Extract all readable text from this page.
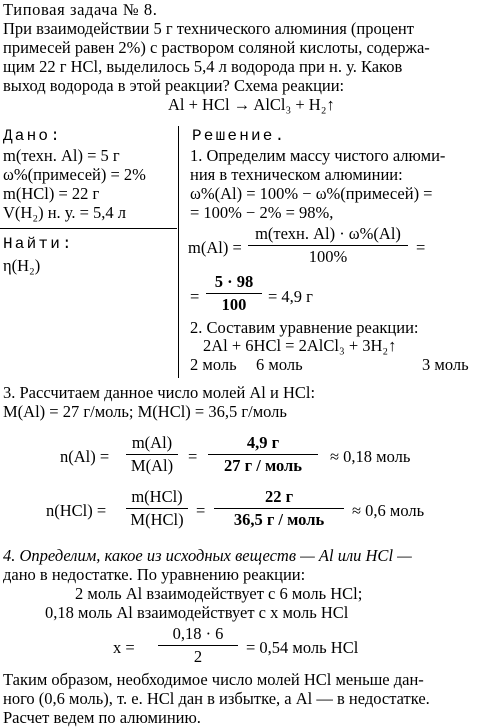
Типовая задача № 8.
При взаимодействии 5 г технического алюминия (процент
примесей равен 2%) с раствором соляной кислоты, содержа-
щим 22 г HCl, выделилось 5,4 л водорода при н. у. Каков
выход водорода в этой реакции? Схема реакции:
Al + HCl → AlCl₃ + H₂↑
Дано:
m(техн. Al) = 5 г
ω%(примесей) = 2%
m(HCl) = 22 г
V(H₂) н. у. = 5,4 л
Найти:
η(H₂)
Решение.
1. Определим массу чистого алюми-
ния в техническом алюминии:
ω%(Al) = 100% − ω%(примесей) =
= 100% − 2% = 98%,
m(Al) =
m(техн. Al) · ω%(Al)
100%	=
=
5 · 98
100	= 4,9 г
2. Составим уравнение реакции:
2Al + 6HCl = 2AlCl₃ + 3H₂↑
2 моль 6 моль	3 моль
3. Рассчитаем данное число молей Al и HCl:
M(Al) = 27 г/моль; M(HCl) = 36,5 г/моль
n(Al) =
m(Al)
M(Al) =
4,9 г
27 г / моль	≈ 0,18 моль
n(HCl) =
m(HCl)
M(HCl) =
22 г
36,5 г / моль	≈ 0,6 моль
4. Определим, какое из исходных веществ — Al или HCl —
дано в недостатке. По уравнению реакции:
2 моль Al взаимодействует с 6 моль HCl;
0,18 моль Al взаимодействует с x моль HCl
x =
0,18 · 6
2	= 0,54 моль HCl
Таким образом, необходимое число молей HCl меньше дан-
ного (0,6 моль), т. е. HCl дан в избытке, а Al — в недостатке.
Расчет ведем по алюминию.
